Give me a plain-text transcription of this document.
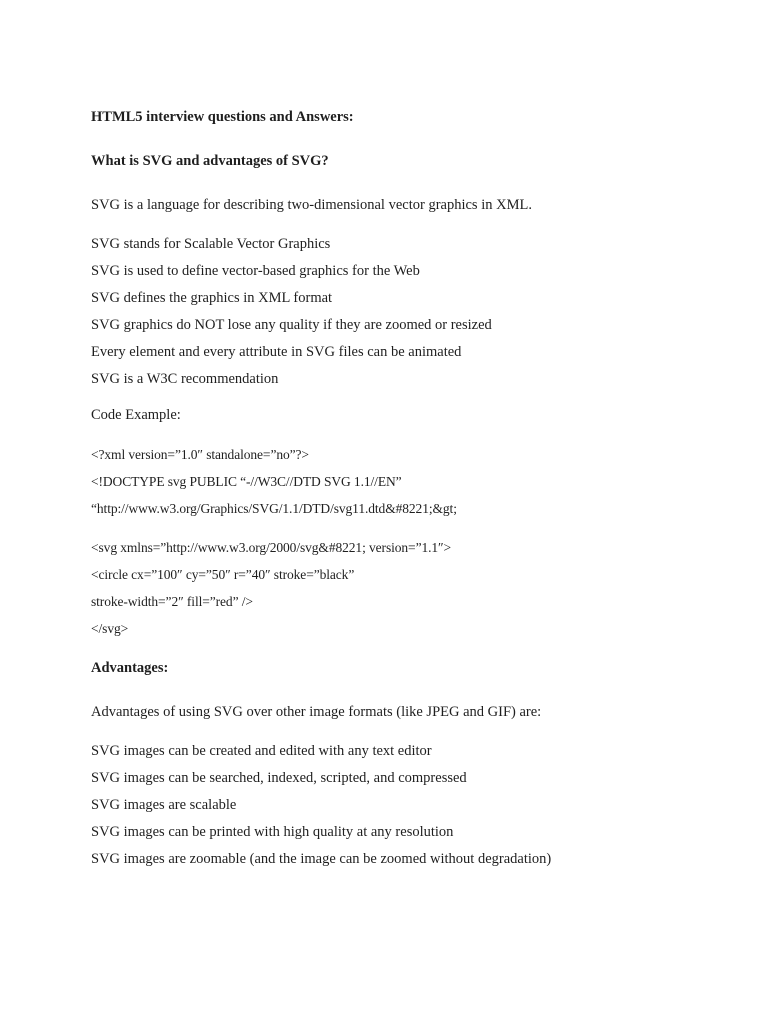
HTML5 interview questions and Answers:

What is SVG and advantages of SVG?

SVG is a language for describing two-dimensional vector graphics in XML.

SVG stands for Scalable Vector Graphics

SVG is used to define vector-based graphics for the Web

SVG defines the graphics in XML format

SVG graphics do NOT lose any quality if they are zoomed or resized

Every element and every attribute in SVG files can be animated

SVG is a W3C recommendation

Code Example:

<?xml version=”1.0″ standalone=”no”?>

<!DOCTYPE svg PUBLIC “-//W3C//DTD SVG 1.1//EN”

“http://www.w3.org/Graphics/SVG/1.1/DTD/svg11.dtd&#8221;&gt;

<svg xmlns=”http://www.w3.org/2000/svg&#8221; version=”1.1″>

<circle cx=”100″ cy=”50″ r=”40″ stroke=”black”

stroke-width=”2″ fill=”red” />

</svg>

Advantages:

Advantages of using SVG over other image formats (like JPEG and GIF) are:

SVG images can be created and edited with any text editor

SVG images can be searched, indexed, scripted, and compressed

SVG images are scalable

SVG images can be printed with high quality at any resolution

SVG images are zoomable (and the image can be zoomed without degradation)
